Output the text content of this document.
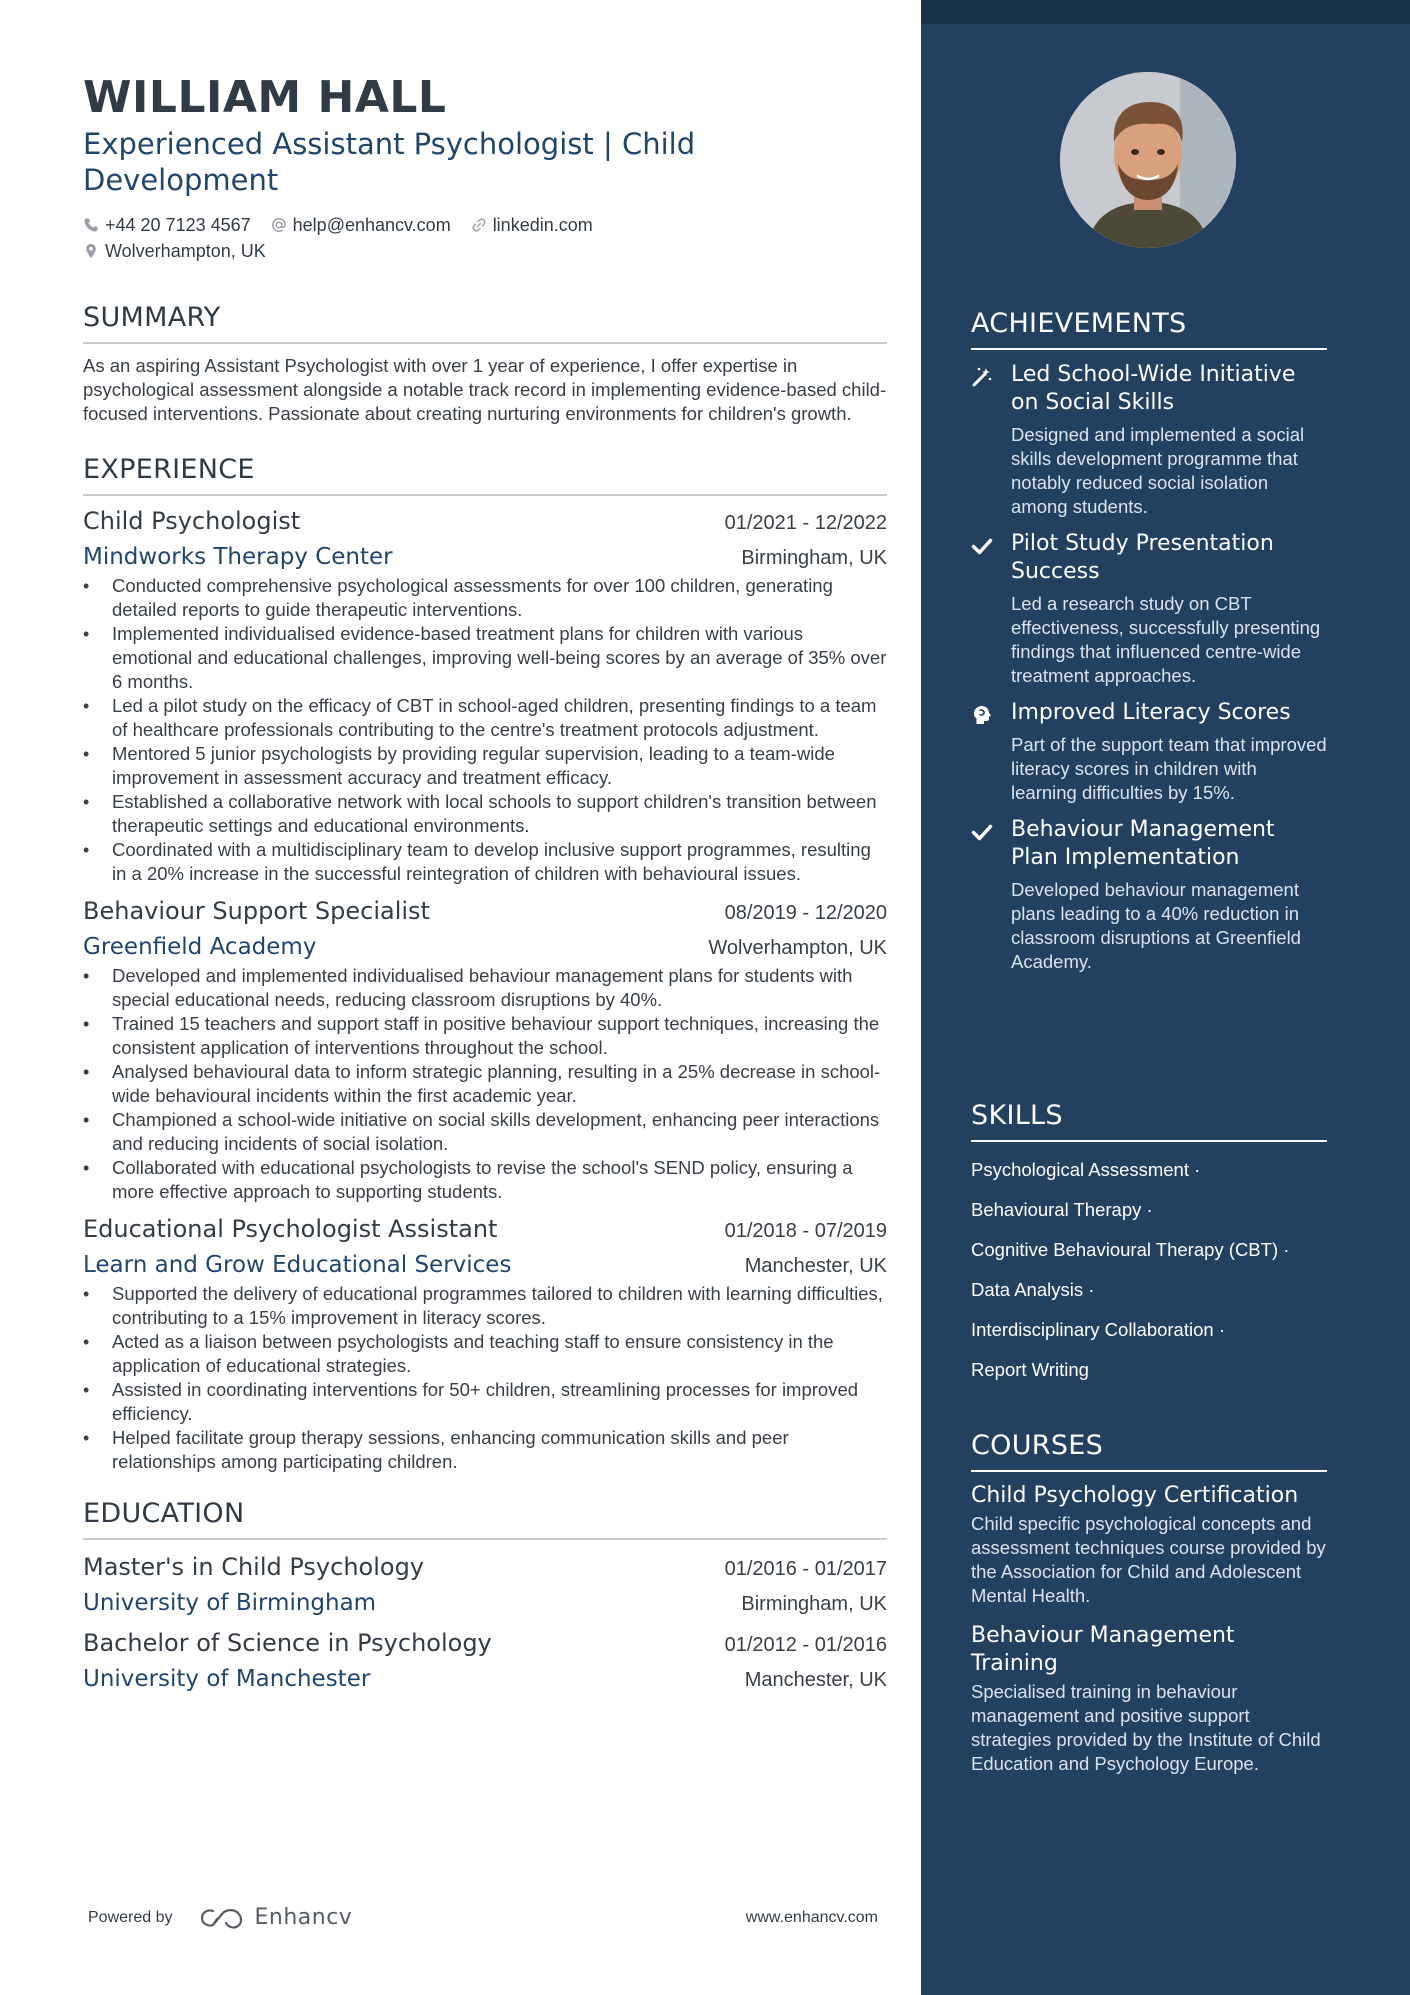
WILLIAM HALL
Experienced Assistant Psychologist | Child Development
+44 20 7123 4567 help@enhancv.com linkedin.com
Wolverhampton, UK
SUMMARY
As an aspiring Assistant Psychologist with over 1 year of experience, I offer expertise in psychological assessment alongside a notable track record in implementing evidence-based child-focused interventions. Passionate about creating nurturing environments for children's growth.
EXPERIENCE
Child Psychologist	01/2021 - 12/2022
Mindworks Therapy Center	Birmingham, UK
• Conducted comprehensive psychological assessments for over 100 children, generating detailed reports to guide therapeutic interventions.
• Implemented individualised evidence-based treatment plans for children with various emotional and educational challenges, improving well-being scores by an average of 35% over 6 months.
• Led a pilot study on the efficacy of CBT in school-aged children, presenting findings to a team of healthcare professionals contributing to the centre's treatment protocols adjustment.
• Mentored 5 junior psychologists by providing regular supervision, leading to a team-wide improvement in assessment accuracy and treatment efficacy.
• Established a collaborative network with local schools to support children's transition between therapeutic settings and educational environments.
• Coordinated with a multidisciplinary team to develop inclusive support programmes, resulting in a 20% increase in the successful reintegration of children with behavioural issues.
Behaviour Support Specialist	08/2019 - 12/2020
Greenfield Academy	Wolverhampton, UK
• Developed and implemented individualised behaviour management plans for students with special educational needs, reducing classroom disruptions by 40%.
• Trained 15 teachers and support staff in positive behaviour support techniques, increasing the consistent application of interventions throughout the school.
• Analysed behavioural data to inform strategic planning, resulting in a 25% decrease in school-wide behavioural incidents within the first academic year.
• Championed a school-wide initiative on social skills development, enhancing peer interactions and reducing incidents of social isolation.
• Collaborated with educational psychologists to revise the school's SEND policy, ensuring a more effective approach to supporting students.
Educational Psychologist Assistant	01/2018 - 07/2019
Learn and Grow Educational Services	Manchester, UK
• Supported the delivery of educational programmes tailored to children with learning difficulties, contributing to a 15% improvement in literacy scores.
• Acted as a liaison between psychologists and teaching staff to ensure consistency in the application of educational strategies.
• Assisted in coordinating interventions for 50+ children, streamlining processes for improved efficiency.
• Helped facilitate group therapy sessions, enhancing communication skills and peer relationships among participating children.
EDUCATION
Master's in Child Psychology	01/2016 - 01/2017
University of Birmingham	Birmingham, UK
Bachelor of Science in Psychology	01/2012 - 01/2016
University of Manchester	Manchester, UK
Powered by	Enhancv	www.enhancv.com
ACHIEVEMENTS
Led School-Wide Initiative on Social Skills
Designed and implemented a social skills development programme that notably reduced social isolation among students.
Pilot Study Presentation Success
Led a research study on CBT effectiveness, successfully presenting findings that influenced centre-wide treatment approaches.
Improved Literacy Scores
Part of the support team that improved literacy scores in children with learning difficulties by 15%.
Behaviour Management Plan Implementation
Developed behaviour management plans leading to a 40% reduction in classroom disruptions at Greenfield Academy.
SKILLS
Psychological Assessment ·
Behavioural Therapy ·
Cognitive Behavioural Therapy (CBT) ·
Data Analysis ·
Interdisciplinary Collaboration ·
Report Writing
COURSES
Child Psychology Certification
Child specific psychological concepts and assessment techniques course provided by the Association for Child and Adolescent Mental Health.
Behaviour Management Training
Specialised training in behaviour management and positive support strategies provided by the Institute of Child Education and Psychology Europe.
